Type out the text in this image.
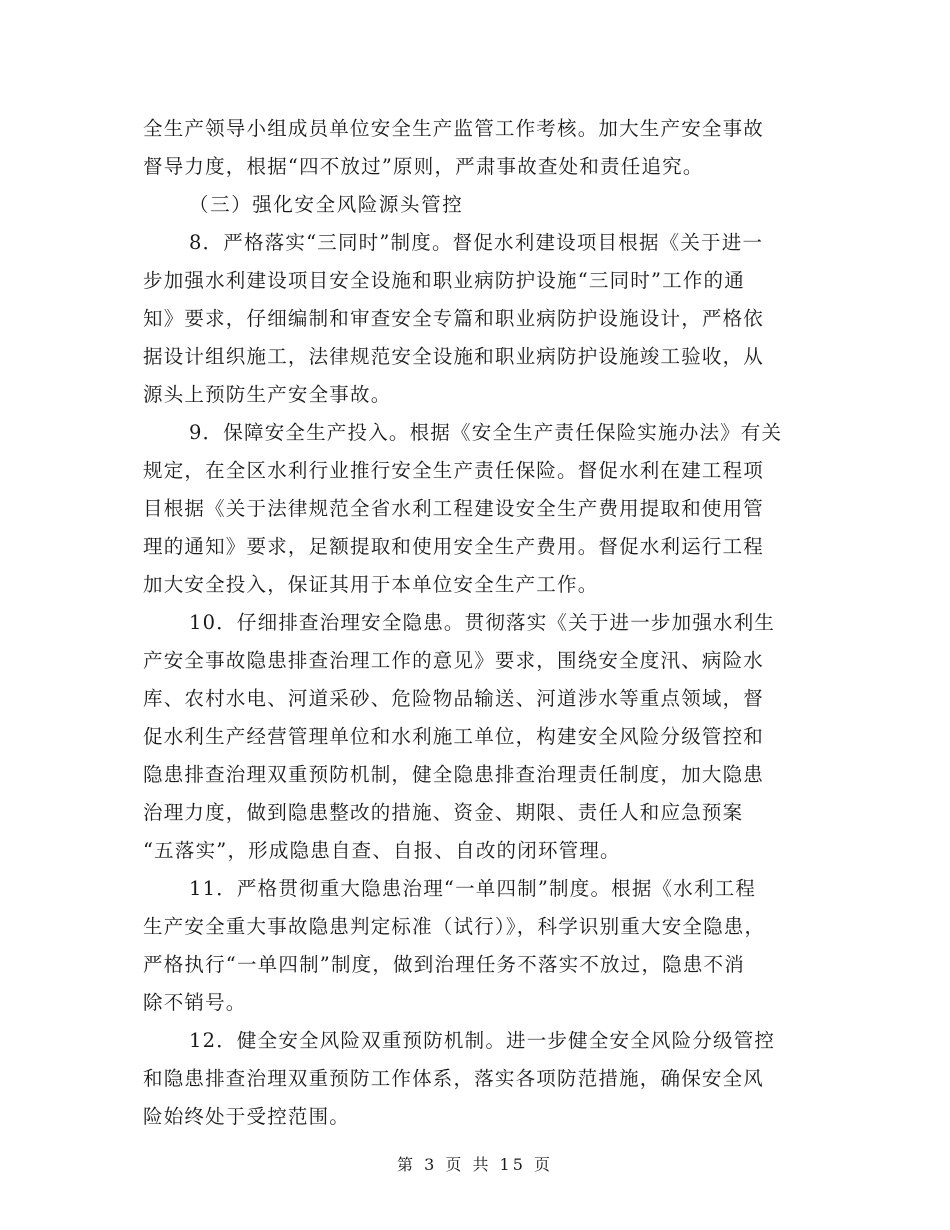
全生产领导小组成员单位安全生产监管工作考核。加大生产安全事故
督导力度，根据“四不放过”原则，严肃事故查处和责任追究。
（三）强化安全风险源头管控
8．严格落实“三同时”制度。督促水利建设项目根据《关于进一
步加强水利建设项目安全设施和职业病防护设施“三同时”工作的通
知》要求，仔细编制和审查安全专篇和职业病防护设施设计，严格依
据设计组织施工，法律规范安全设施和职业病防护设施竣工验收，从
源头上预防生产安全事故。
9．保障安全生产投入。根据《安全生产责任保险实施办法》有关
规定，在全区水利行业推行安全生产责任保险。督促水利在建工程项
目根据《关于法律规范全省水利工程建设安全生产费用提取和使用管
理的通知》要求，足额提取和使用安全生产费用。督促水利运行工程
加大安全投入，保证其用于本单位安全生产工作。
10．仔细排查治理安全隐患。贯彻落实《关于进一步加强水利生
产安全事故隐患排查治理工作的意见》要求，围绕安全度汛、病险水
库、农村水电、河道采砂、危险物品输送、河道涉水等重点领域，督
促水利生产经营管理单位和水利施工单位，构建安全风险分级管控和
隐患排查治理双重预防机制，健全隐患排查治理责任制度，加大隐患
治理力度，做到隐患整改的措施、资金、期限、责任人和应急预案
“五落实”，形成隐患自查、自报、自改的闭环管理。
11．严格贯彻重大隐患治理“一单四制”制度。根据《水利工程
生产安全重大事故隐患判定标准（试行）》，科学识别重大安全隐患，
严格执行“一单四制”制度，做到治理任务不落实不放过，隐患不消
除不销号。
12．健全安全风险双重预防机制。进一步健全安全风险分级管控
和隐患排查治理双重预防工作体系，落实各项防范措施，确保安全风
险始终处于受控范围。
第 3 页 共 15 页
